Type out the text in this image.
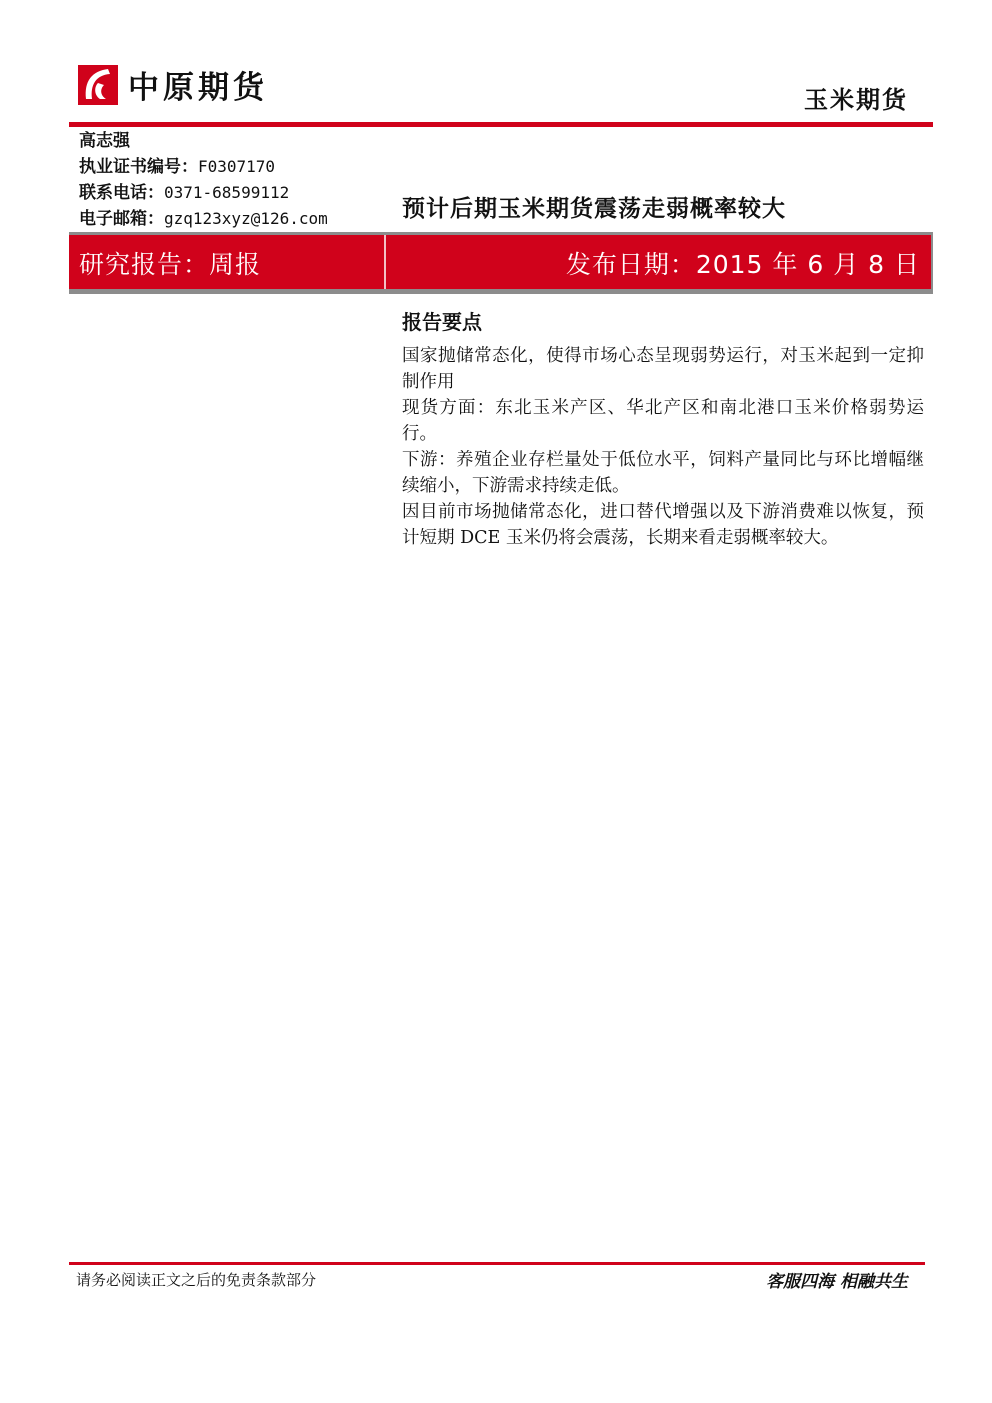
中原期货	玉米期货
高志强
执业证书编号：F0307170
联系电话：0371-68599112
电子邮箱：gzq123xyz@126.com	预计后期玉米期货震荡走弱概率较大
研究报告：周报	发布日期：2015 年 6 月 8 日
报告要点

国家抛储常态化，使得市场心态呈现弱势运行，对玉米起到一定抑制作用

现货方面：东北玉米产区、华北产区和南北港口玉米价格弱势运行。

下游：养殖企业存栏量处于低位水平，饲料产量同比与环比增幅继续缩小，下游需求持续走低。

因目前市场抛储常态化，进口替代增强以及下游消费难以恢复，预计短期 DCE 玉米仍将会震荡，长期来看走弱概率较大。

请务必阅读正文之后的免责条款部分	客服四海 相融共生
